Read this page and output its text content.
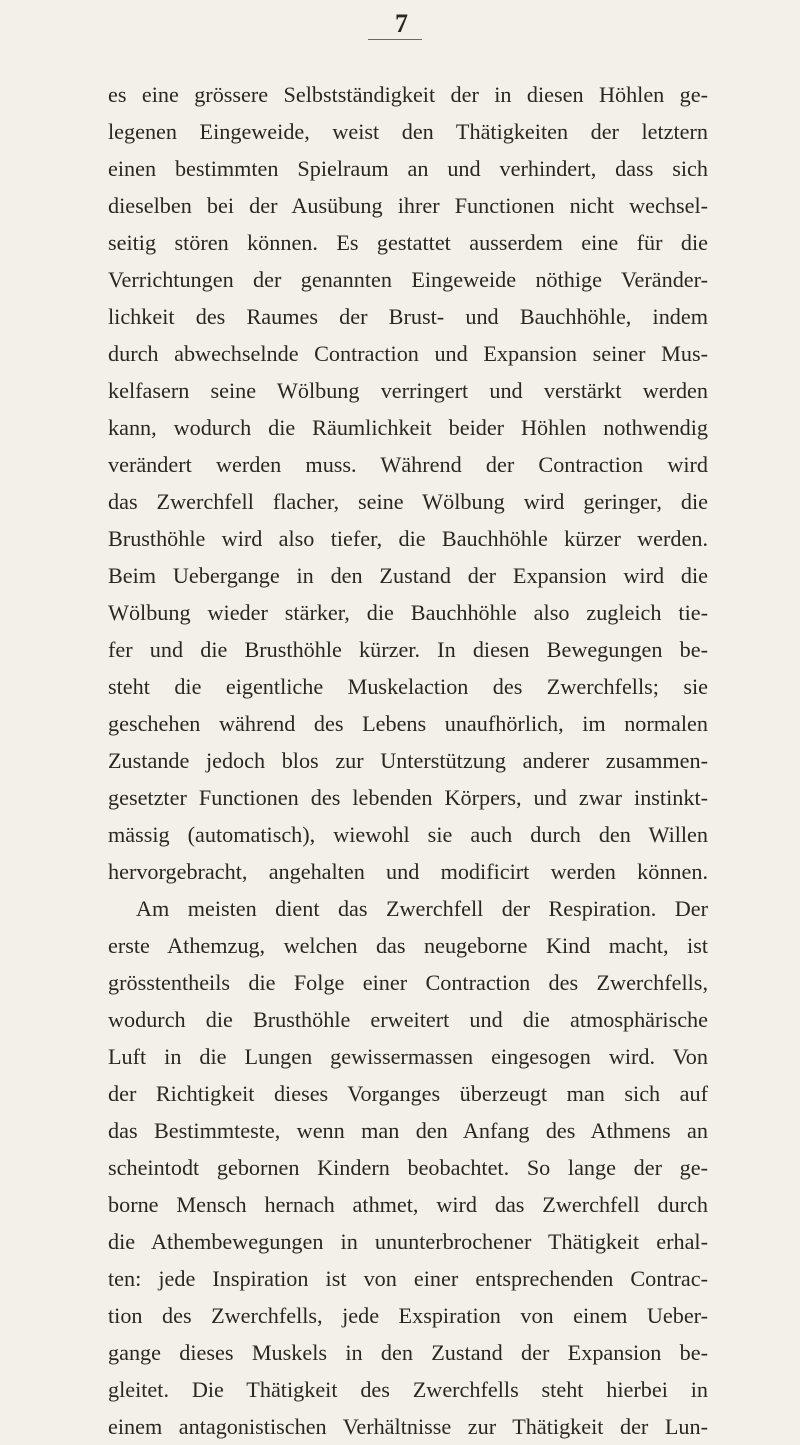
7
es eine grössere Selbstständigkeit der in diesen Höhlen ge-
legenen Eingeweide, weist den Thätigkeiten der letztern
einen bestimmten Spielraum an und verhindert, dass sich
dieselben bei der Ausübung ihrer Functionen nicht wechsel-
seitig stören können. Es gestattet ausserdem eine für die
Verrichtungen der genannten Eingeweide nöthige Veränder-
lichkeit des Raumes der Brust- und Bauchhöhle, indem
durch abwechselnde Contraction und Expansion seiner Mus-
kelfasern seine Wölbung verringert und verstärkt werden
kann, wodurch die Räumlichkeit beider Höhlen nothwendig
verändert werden muss. Während der Contraction wird
das Zwerchfell flacher, seine Wölbung wird geringer, die
Brusthöhle wird also tiefer, die Bauchhöhle kürzer werden.
Beim Uebergange in den Zustand der Expansion wird die
Wölbung wieder stärker, die Bauchhöhle also zugleich tie-
fer und die Brusthöhle kürzer. In diesen Bewegungen be-
steht die eigentliche Muskelaction des Zwerchfells; sie
geschehen während des Lebens unaufhörlich, im normalen
Zustande jedoch blos zur Unterstützung anderer zusammen-
gesetzter Functionen des lebenden Körpers, und zwar instinkt-
mässig (automatisch), wiewohl sie auch durch den Willen
hervorgebracht, angehalten und modificirt werden können.
Am meisten dient das Zwerchfell der Respiration. Der
erste Athemzug, welchen das neugeborne Kind macht, ist
grösstentheils die Folge einer Contraction des Zwerchfells,
wodurch die Brusthöhle erweitert und die atmosphärische
Luft in die Lungen gewissermassen eingesogen wird. Von
der Richtigkeit dieses Vorganges überzeugt man sich auf
das Bestimmteste, wenn man den Anfang des Athmens an
scheintodt gebornen Kindern beobachtet. So lange der ge-
borne Mensch hernach athmet, wird das Zwerchfell durch
die Athembewegungen in ununterbrochener Thätigkeit erhal-
ten: jede Inspiration ist von einer entsprechenden Contrac-
tion des Zwerchfells, jede Exspiration von einem Ueber-
gange dieses Muskels in den Zustand der Expansion be-
gleitet. Die Thätigkeit des Zwerchfells steht hierbei in
einem antagonistischen Verhältnisse zur Thätigkeit der Lun-
